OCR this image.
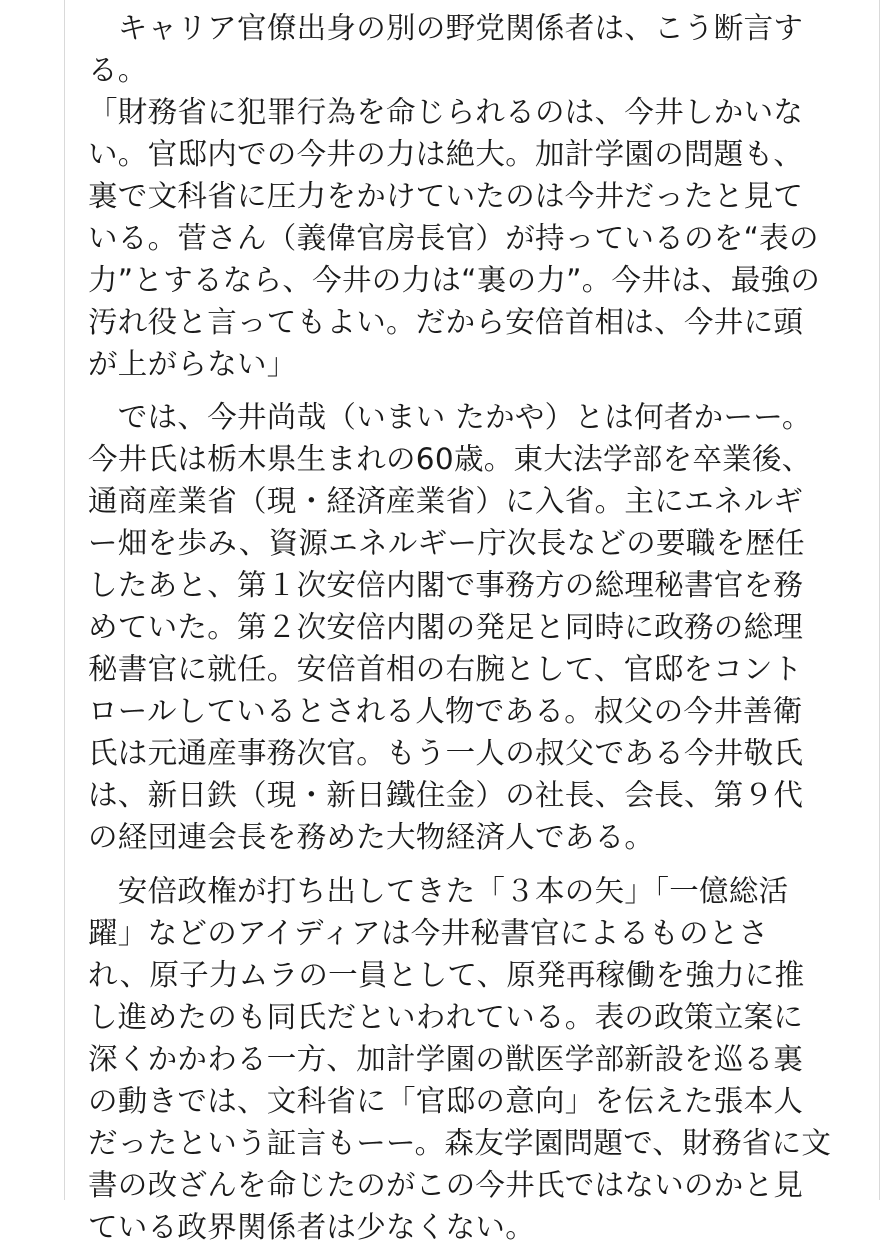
　キャリア官僚出身の別の野党関係者は、こう断言す
る。
「財務省に犯罪行為を命じられるのは、今井しかいな
い。官邸内での今井の力は絶大。加計学園の問題も、
裏で文科省に圧力をかけていたのは今井だったと見て
いる。菅さん（義偉官房長官）が持っているのを“表の
力”とするなら、今井の力は“裏の力”。今井は、最強の
汚れ役と言ってもよい。だから安倍首相は、今井に頭
が上がらない」
　では、今井尚哉（いまい たかや）とは何者かーー。
今井氏は栃木県生まれの60歳。東大法学部を卒業後、
通商産業省（現・経済産業省）に入省。主にエネルギ
ー畑を歩み、資源エネルギー庁次長などの要職を歴任
したあと、第１次安倍内閣で事務方の総理秘書官を務
めていた。第２次安倍内閣の発足と同時に政務の総理
秘書官に就任。安倍首相の右腕として、官邸をコント
ロールしているとされる人物である。叔父の今井善衛
氏は元通産事務次官。もう一人の叔父である今井敬氏
は、新日鉄（現・新日鐵住金）の社長、会長、第９代
の経団連会長を務めた大物経済人である。
　安倍政権が打ち出してきた「３本の矢」「一億総活
躍」などのアイディアは今井秘書官によるものとさ
れ、原子力ムラの一員として、原発再稼働を強力に推
し進めたのも同氏だといわれている。表の政策立案に
深くかかわる一方、加計学園の獣医学部新設を巡る裏
の動きでは、文科省に「官邸の意向」を伝えた張本人
だったという証言もーー。森友学園問題で、財務省に文
書の改ざんを命じたのがこの今井氏ではないのかと見
ている政界関係者は少なくない。
